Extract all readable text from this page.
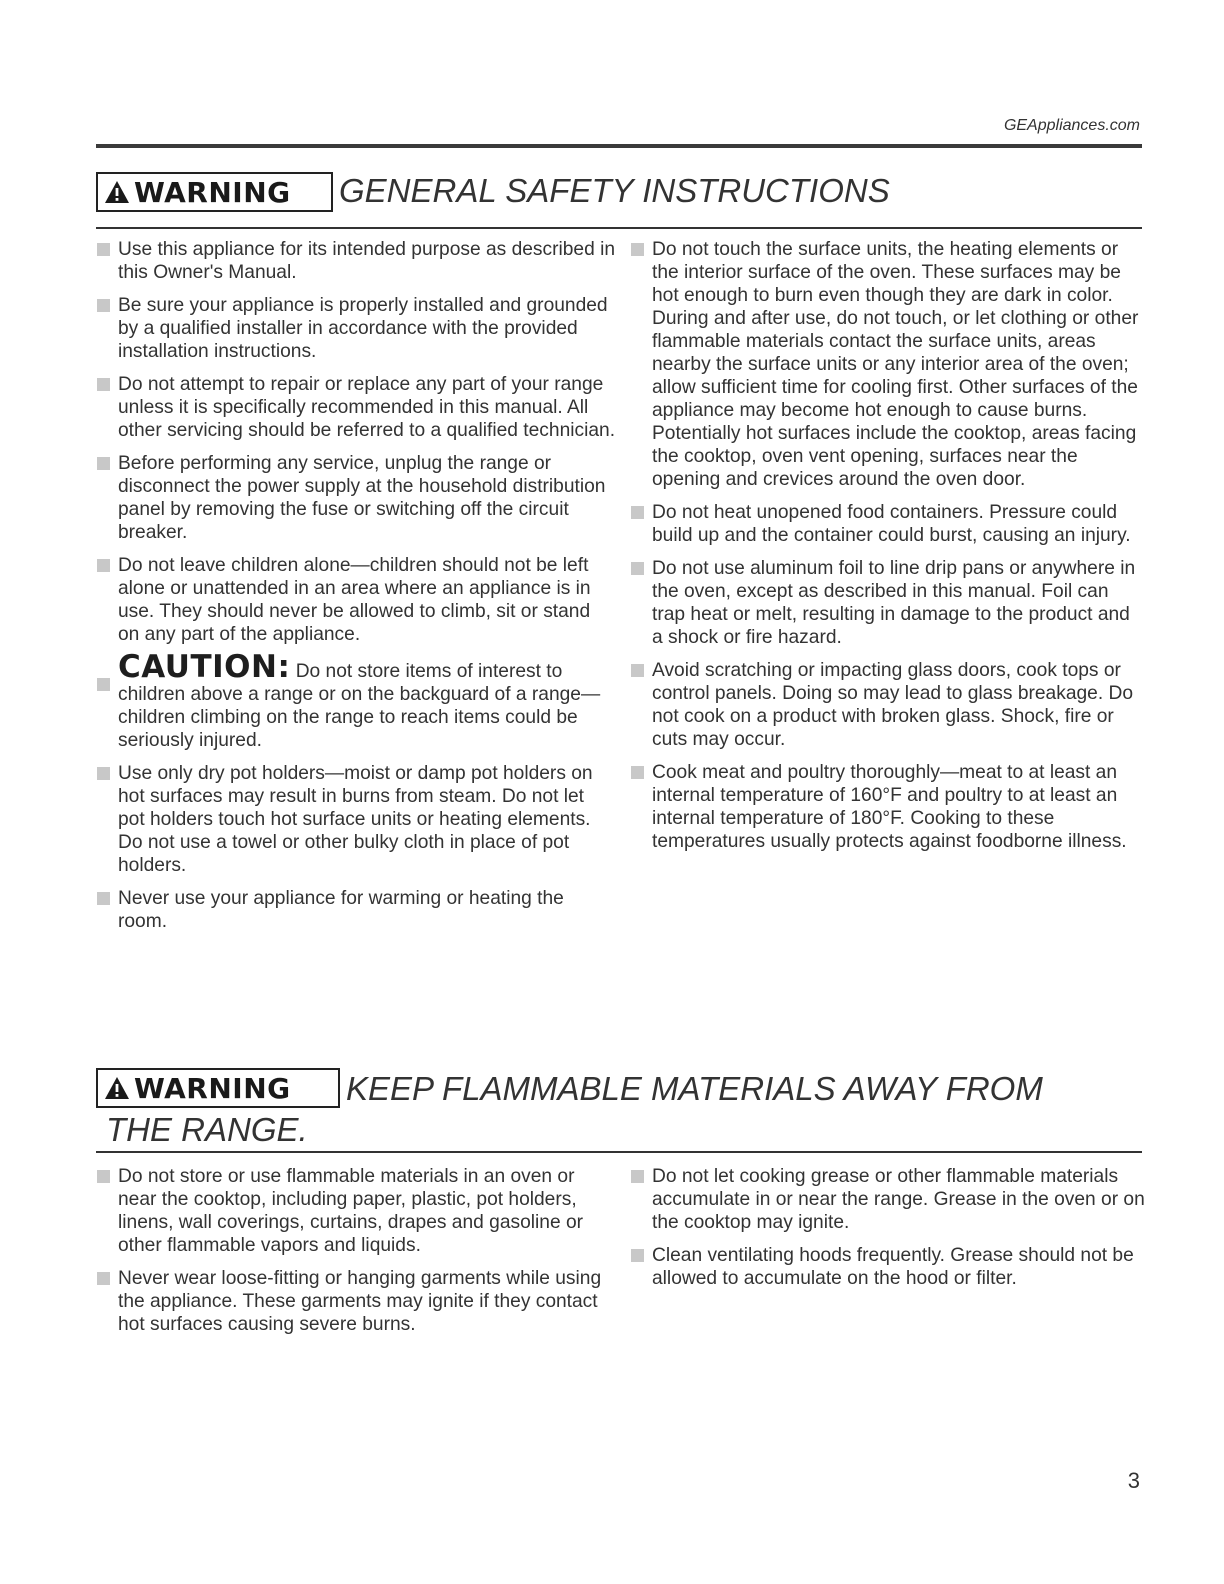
GEAppliances.com
WARNING GENERAL SAFETY INSTRUCTIONS
Use this appliance for its intended purpose as described in this Owner's Manual.
Be sure your appliance is properly installed and grounded by a qualified installer in accordance with the provided installation instructions.
Do not attempt to repair or replace any part of your range unless it is specifically recommended in this manual. All other servicing should be referred to a qualified technician.
Before performing any service, unplug the range or disconnect the power supply at the household distribution panel by removing the fuse or switching off the circuit breaker.
Do not leave children alone—children should not be left alone or unattended in an area where an appliance is in use. They should never be allowed to climb, sit or stand on any part of the appliance.
CAUTION: Do not store items of interest to children above a range or on the backguard of a range—children climbing on the range to reach items could be seriously injured.
Use only dry pot holders—moist or damp pot holders on hot surfaces may result in burns from steam. Do not let pot holders touch hot surface units or heating elements. Do not use a towel or other bulky cloth in place of pot holders.
Never use your appliance for warming or heating the room.
Do not touch the surface units, the heating elements or the interior surface of the oven. These surfaces may be hot enough to burn even though they are dark in color. During and after use, do not touch, or let clothing or other flammable materials contact the surface units, areas nearby the surface units or any interior area of the oven; allow sufficient time for cooling first. Other surfaces of the appliance may become hot enough to cause burns. Potentially hot surfaces include the cooktop, areas facing the cooktop, oven vent opening, surfaces near the opening and crevices around the oven door.
Do not heat unopened food containers. Pressure could build up and the container could burst, causing an injury.
Do not use aluminum foil to line drip pans or anywhere in the oven, except as described in this manual. Foil can trap heat or melt, resulting in damage to the product and a shock or fire hazard.
Avoid scratching or impacting glass doors, cook tops or control panels. Doing so may lead to glass breakage. Do not cook on a product with broken glass. Shock, fire or cuts may occur.
Cook meat and poultry thoroughly—meat to at least an internal temperature of 160°F and poultry to at least an internal temperature of 180°F. Cooking to these temperatures usually protects against foodborne illness.
WARNING KEEP FLAMMABLE MATERIALS AWAY FROM
THE RANGE.
Do not store or use flammable materials in an oven or near the cooktop, including paper, plastic, pot holders, linens, wall coverings, curtains, drapes and gasoline or other flammable vapors and liquids.
Never wear loose-fitting or hanging garments while using the appliance. These garments may ignite if they contact hot surfaces causing severe burns.
Do not let cooking grease or other flammable materials accumulate in or near the range. Grease in the oven or on the cooktop may ignite.
Clean ventilating hoods frequently. Grease should not be allowed to accumulate on the hood or filter.
3
